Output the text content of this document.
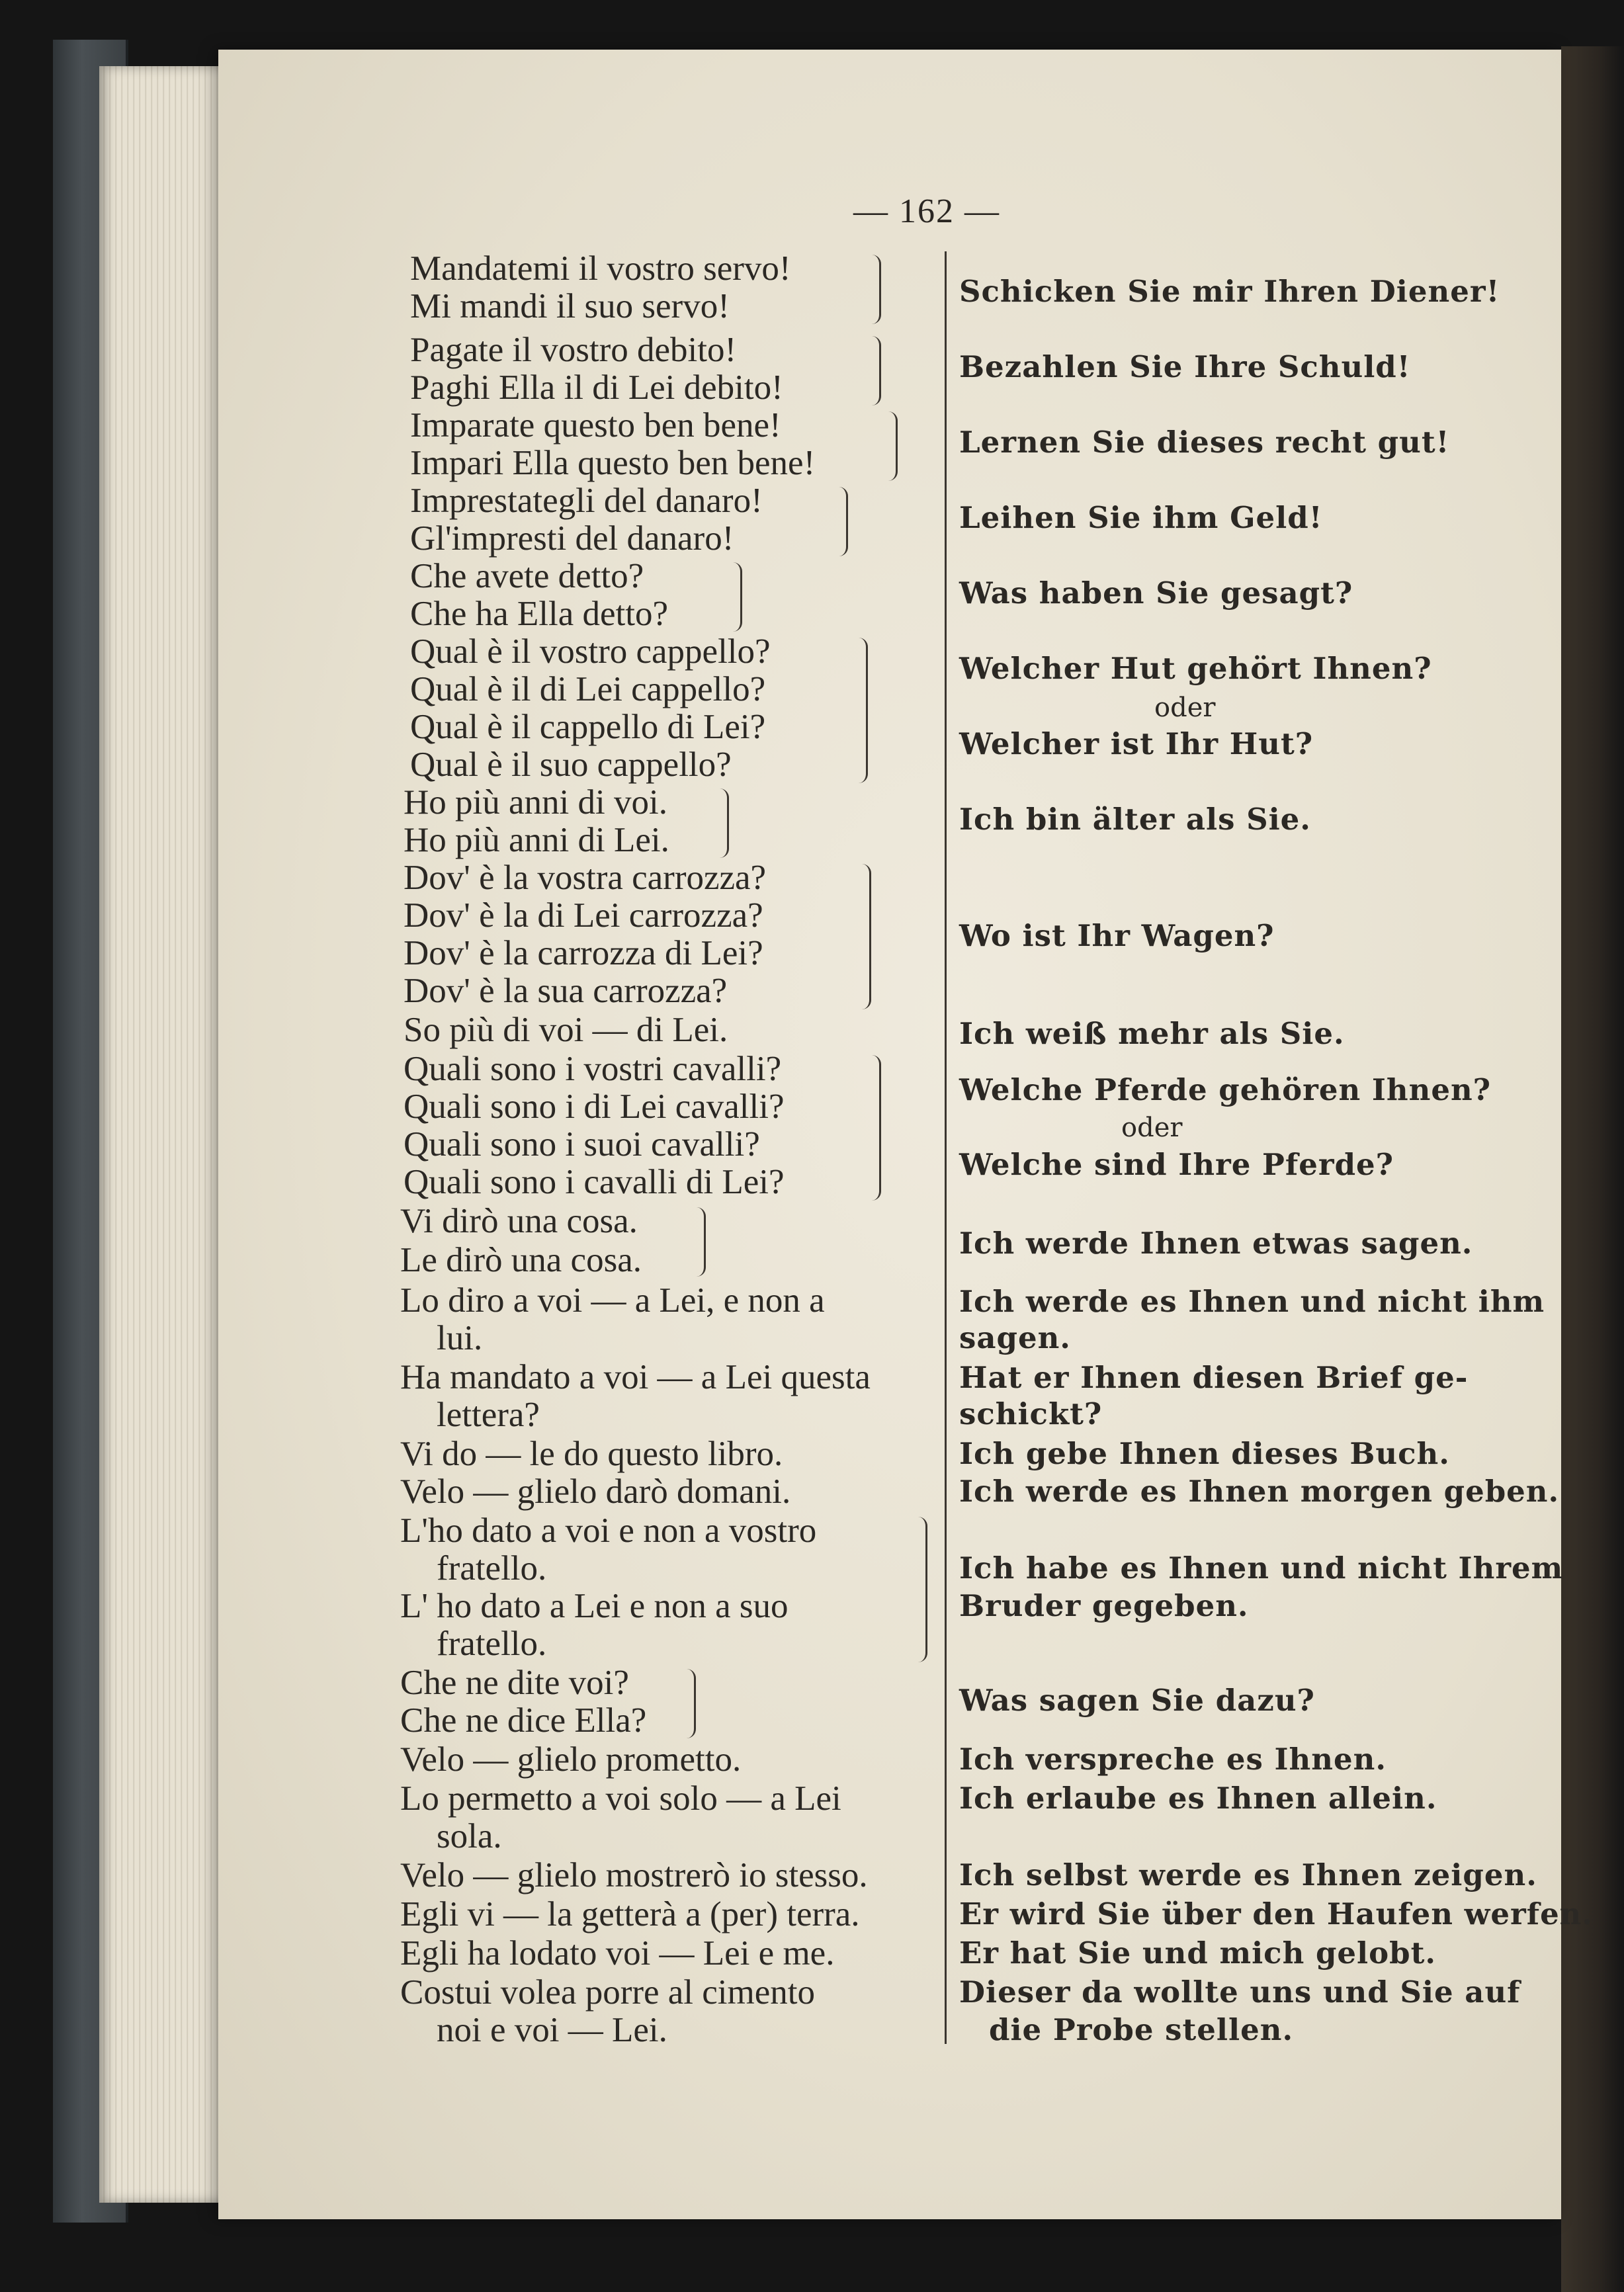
— 162 —
Mandatemi il vostro servo!
Mi mandi il suo servo!
Pagate il vostro debito!
Paghi Ella il di Lei debito!
Imparate questo ben bene!
Impari Ella questo ben bene!
Imprestategli del danaro!
Gl'impresti del danaro!
Che avete detto?
Che ha Ella detto?
Qual è il vostro cappello?
Qual è il di Lei cappello?
Qual è il cappello di Lei?
Qual è il suo cappello?
Ho più anni di voi.
Ho più anni di Lei.
Dov' è la vostra carrozza?
Dov' è la di Lei carrozza?
Dov' è la carrozza di Lei?
Dov' è la sua carrozza?
So più di voi — di Lei.
Quali sono i vostri cavalli?
Quali sono i di Lei cavalli?
Quali sono i suoi cavalli?
Quali sono i cavalli di Lei?
Vi dirò una cosa.
Le dirò una cosa.
Lo diro a voi — a Lei, e non a
lui.
Ha mandato a voi — a Lei questa
lettera?
Vi do — le do questo libro.
Velo — glielo darò domani.
L'ho dato a voi e non a vostro
fratello.
L' ho dato a Lei e non a suo
fratello.
Che ne dite voi?
Che ne dice Ella?
Velo — glielo prometto.
Lo permetto a voi solo — a Lei
sola.
Velo — glielo mostrerò io stesso.
Egli vi — la getterà a (per) terra.
Egli ha lodato voi — Lei e me.
Costui volea porre al cimento
noi e voi — Lei.
Schicken Sie mir Ihren Diener!
Bezahlen Sie Ihre Schuld!
Lernen Sie dieses recht gut!
Leihen Sie ihm Geld!
Was haben Sie gesagt?
Welcher Hut gehört Ihnen?
oder
Welcher ist Ihr Hut?
Ich bin älter als Sie.
Wo ist Ihr Wagen?
Ich weiß mehr als Sie.
Welche Pferde gehören Ihnen?
oder
Welche sind Ihre Pferde?
Ich werde Ihnen etwas sagen.
Ich werde es Ihnen und nicht ihm
sagen.
Hat er Ihnen diesen Brief ge-
schickt?
Ich gebe Ihnen dieses Buch.
Ich werde es Ihnen morgen geben.
Ich habe es Ihnen und nicht Ihrem
Bruder gegeben.
Was sagen Sie dazu?
Ich verspreche es Ihnen.
Ich erlaube es Ihnen allein.
Ich selbst werde es Ihnen zeigen.
Er wird Sie über den Haufen werfen.
Er hat Sie und mich gelobt.
Dieser da wollte uns und Sie auf
die Probe stellen.
